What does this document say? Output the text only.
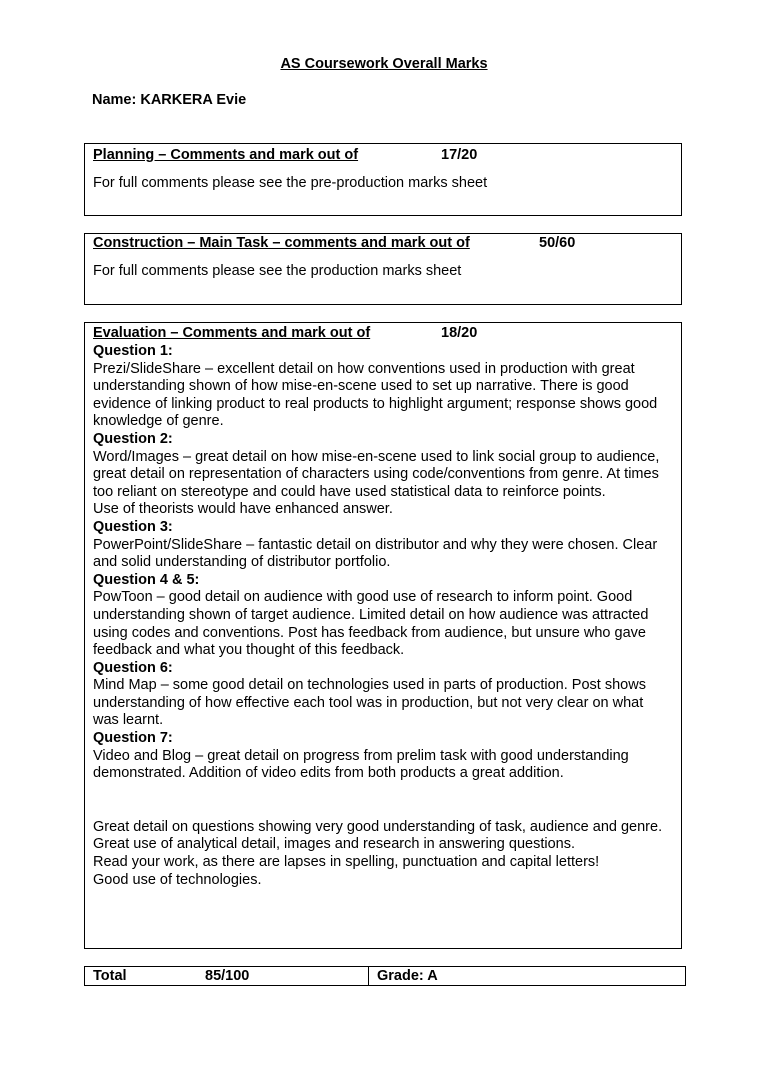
AS Coursework Overall Marks
Name: KARKERA Evie
Planning – Comments and mark out of	17/20

For full comments please see the pre-production marks sheet

Construction – Main Task – comments and mark out of	50/60

For full comments please see the production marks sheet

Evaluation – Comments and mark out of	18/20

Question 1:

Prezi/SlideShare – excellent detail on how conventions used in production with great understanding shown of how mise-en-scene used to set up narrative. There is good evidence of linking product to real products to highlight argument; response shows good knowledge of genre.

Question 2:

Word/Images – great detail on how mise-en-scene used to link social group to audience, great detail on representation of characters using code/conventions from genre. At times too reliant on stereotype and could have used statistical data to reinforce points.

Use of theorists would have enhanced answer.

Question 3:

PowerPoint/SlideShare – fantastic detail on distributor and why they were chosen. Clear and solid understanding of distributor portfolio.

Question 4 & 5:

PowToon – good detail on audience with good use of research to inform point. Good understanding shown of target audience. Limited detail on how audience was attracted using codes and conventions. Post has feedback from audience, but unsure who gave feedback and what you thought of this feedback.

Question 6:

Mind Map – some good detail on technologies used in parts of production. Post shows understanding of how effective each tool was in production, but not very clear on what was learnt.

Question 7:

Video and Blog – great detail on progress from prelim task with good understanding demonstrated. Addition of video edits from both products a great addition.

Great detail on questions showing very good understanding of task, audience and genre.

Great use of analytical detail, images and research in answering questions.

Read your work, as there are lapses in spelling, punctuation and capital letters!

Good use of technologies.

Total	85/100	Grade: A
